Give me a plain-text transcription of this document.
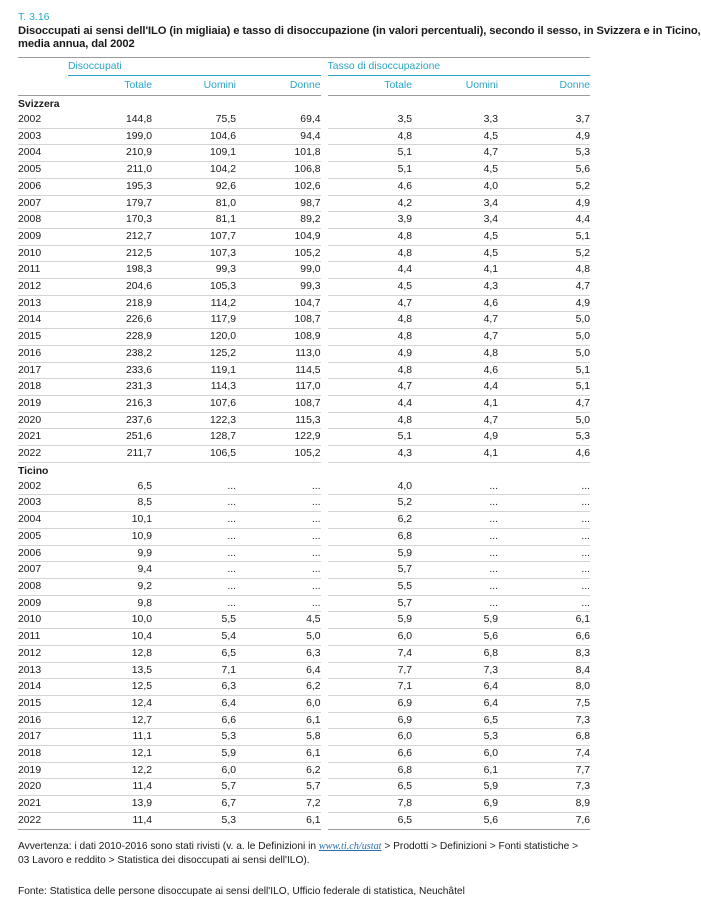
T. 3.16
Disoccupati ai sensi dell'ILO (in migliaia) e tasso di disoccupazione (in valori percentuali), secondo il sesso, in Svizzera e in Ticino,
media annua, dal 2002
	Disoccupati			Tasso di disoccupazione		
	Totale	Uomini	Donne	Totale	Uomini	Donne
Svizzera						
2002	144,8	75,5	69,4	3,5	3,3	3,7
2003	199,0	104,6	94,4	4,8	4,5	4,9
2004	210,9	109,1	101,8	5,1	4,7	5,3
2005	211,0	104,2	106,8	5,1	4,5	5,6
2006	195,3	92,6	102,6	4,6	4,0	5,2
2007	179,7	81,0	98,7	4,2	3,4	4,9
2008	170,3	81,1	89,2	3,9	3,4	4,4
2009	212,7	107,7	104,9	4,8	4,5	5,1
2010	212,5	107,3	105,2	4,8	4,5	5,2
2011	198,3	99,3	99,0	4,4	4,1	4,8
2012	204,6	105,3	99,3	4,5	4,3	4,7
2013	218,9	114,2	104,7	4,7	4,6	4,9
2014	226,6	117,9	108,7	4,8	4,7	5,0
2015	228,9	120,0	108,9	4,8	4,7	5,0
2016	238,2	125,2	113,0	4,9	4,8	5,0
2017	233,6	119,1	114,5	4,8	4,6	5,1
2018	231,3	114,3	117,0	4,7	4,4	5,1
2019	216,3	107,6	108,7	4,4	4,1	4,7
2020	237,6	122,3	115,3	4,8	4,7	5,0
2021	251,6	128,7	122,9	5,1	4,9	5,3
2022	211,7	106,5	105,2	4,3	4,1	4,6
Ticino						
2002	6,5	...	...	4,0	...	...
2003	8,5	...	...	5,2	...	...
2004	10,1	...	...	6,2	...	...
2005	10,9	...	...	6,8	...	...
2006	9,9	...	...	5,9	...	...
2007	9,4	...	...	5,7	...	...
2008	9,2	...	...	5,5	...	...
2009	9,8	...	...	5,7	...	...
2010	10,0	5,5	4,5	5,9	5,9	6,1
2011	10,4	5,4	5,0	6,0	5,6	6,6
2012	12,8	6,5	6,3	7,4	6,8	8,3
2013	13,5	7,1	6,4	7,7	7,3	8,4
2014	12,5	6,3	6,2	7,1	6,4	8,0
2015	12,4	6,4	6,0	6,9	6,4	7,5
2016	12,7	6,6	6,1	6,9	6,5	7,3
2017	11,1	5,3	5,8	6,0	5,3	6,8
2018	12,1	5,9	6,1	6,6	6,0	7,4
2019	12,2	6,0	6,2	6,8	6,1	7,7
2020	11,4	5,7	5,7	6,5	5,9	7,3
2021	13,9	6,7	7,2	7,8	6,9	8,9
2022	11,4	5,3	6,1	6,5	5,6	7,6
Avvertenza: i dati 2010-2016 sono stati rivisti (v. a. le Definizioni in www.ti.ch/ustat > Prodotti > Definizioni > Fonti statistiche > 03 Lavoro e reddito > Statistica dei disoccupati ai sensi dell'ILO).
Fonte: Statistica delle persone disoccupate ai sensi dell'ILO, Ufficio federale di statistica, Neuchâtel
